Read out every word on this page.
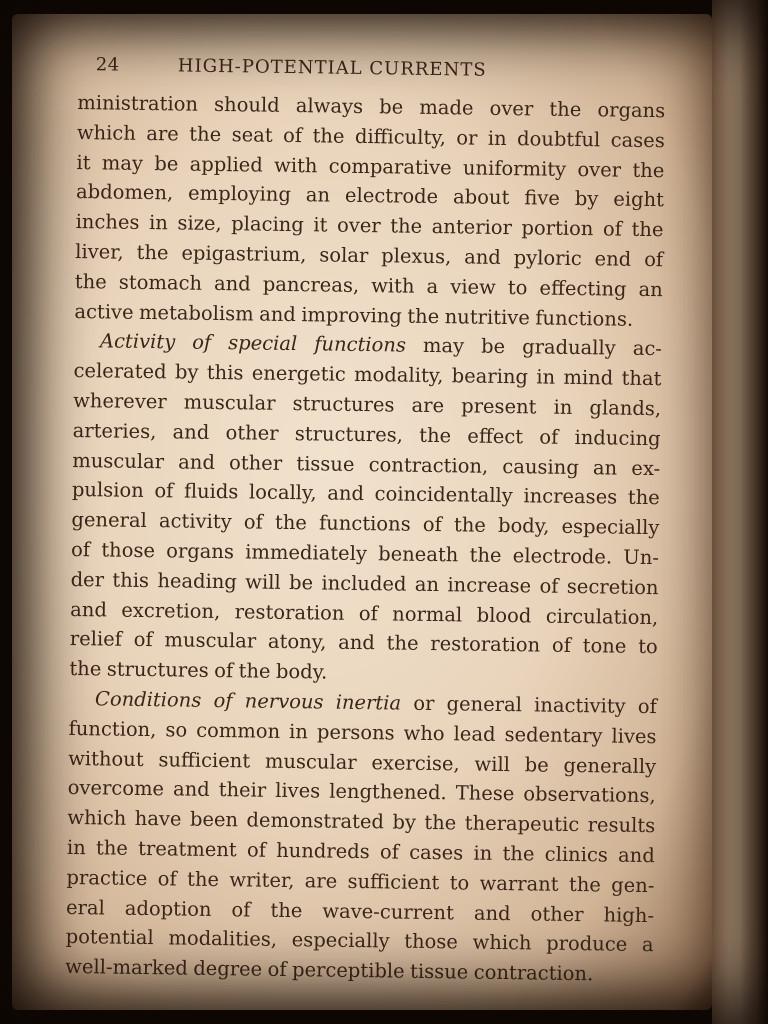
24	HIGH-POTENTIAL CURRENTS
ministration should always be made over the organs
which are the seat of the difficulty, or in doubtful cases
it may be applied with comparative uniformity over the
abdomen, employing an electrode about five by eight
inches in size, placing it over the anterior portion of the
liver, the epigastrium, solar plexus, and pyloric end of
the stomach and pancreas, with a view to effecting an
active metabolism and improving the nutritive functions.
Activity of special functions may be gradually ac-
celerated by this energetic modality, bearing in mind that
wherever muscular structures are present in glands,
arteries, and other structures, the effect of inducing
muscular and other tissue contraction, causing an ex-
pulsion of fluids locally, and coincidentally increases the
general activity of the functions of the body, especially
of those organs immediately beneath the electrode. Un-
der this heading will be included an increase of secretion
and excretion, restoration of normal blood circulation,
relief of muscular atony, and the restoration of tone to
the structures of the body.
Conditions of nervous inertia or general inactivity of
function, so common in persons who lead sedentary lives
without sufficient muscular exercise, will be generally
overcome and their lives lengthened. These observations,
which have been demonstrated by the therapeutic results
in the treatment of hundreds of cases in the clinics and
practice of the writer, are sufficient to warrant the gen-
eral adoption of the wave-current and other high-
potential modalities, especially those which produce a
well-marked degree of perceptible tissue contraction.
